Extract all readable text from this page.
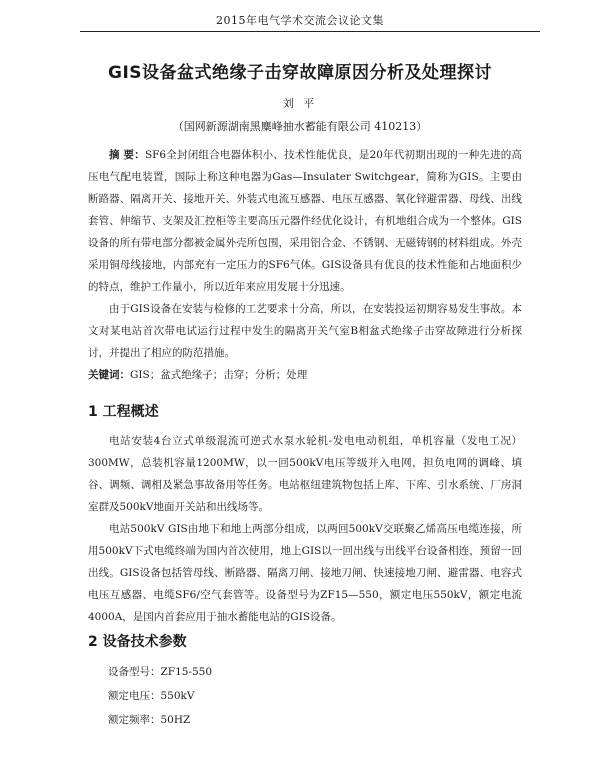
2015年电气学术交流会议论文集
GIS设备盆式绝缘子击穿故障原因分析及处理探讨
刘 平
（国网新源湖南黑麋峰抽水蓄能有限公司 410213）

摘 要：SF6全封闭组合电器体积小、技术性能优良，是20年代初期出现的一种先进的高压电气配电装置，国际上称这种电器为Gas—Insulater Switchgear，简称为GIS。主要由断路器、隔离开关、接地开关、外装式电流互感器、电压互感器、氧化锌避雷器、母线、出线套管、伸缩节、支架及汇控柜等主要高压元器件经优化设计，有机地组合成为一个整体。GIS设备的所有带电部分都被金属外壳所包围，采用铝合金、不锈钢、无磁铸钢的材料组成。外壳采用铜母线接地，内部充有一定压力的SF6气体。GIS设备具有优良的技术性能和占地面积少的特点，维护工作量小，所以近年来应用发展十分迅速。

由于GIS设备在安装与检修的工艺要求十分高，所以，在安装投运初期容易发生事故。本文对某电站首次带电试运行过程中发生的隔离开关气室B相盆式绝缘子击穿故障进行分析探讨，并提出了相应的防范措施。

关键词：GIS；盆式绝缘子；击穿；分析；处理

1 工程概述

电站安装4台立式单级混流可逆式水泵水轮机-发电电动机组，单机容量（发电工况）300MW，总装机容量1200MW，以一回500kV电压等级并入电网，担负电网的调峰、填谷、调频、调相及紧急事故备用等任务。电站枢纽建筑物包括上库、下库、引水系统、厂房洞室群及500kV地面开关站和出线场等。

电站500kV GIS由地下和地上两部分组成，以两回500kV交联聚乙烯高压电缆连接，所用500kV下式电缆终端为国内首次使用，地上GIS以一回出线与出线平台设备相连，预留一回出线。GIS设备包括管母线、断路器、隔离刀闸、接地刀闸、快速接地刀闸、避雷器、电容式电压互感器、电缆SF6/空气套管等。设备型号为ZF15—550，额定电压550kV，额定电流4000A，是国内首套应用于抽水蓄能电站的GIS设备。

2 设备技术参数
设备型号：ZF15-550
额定电压：550kV
额定频率：50HZ
